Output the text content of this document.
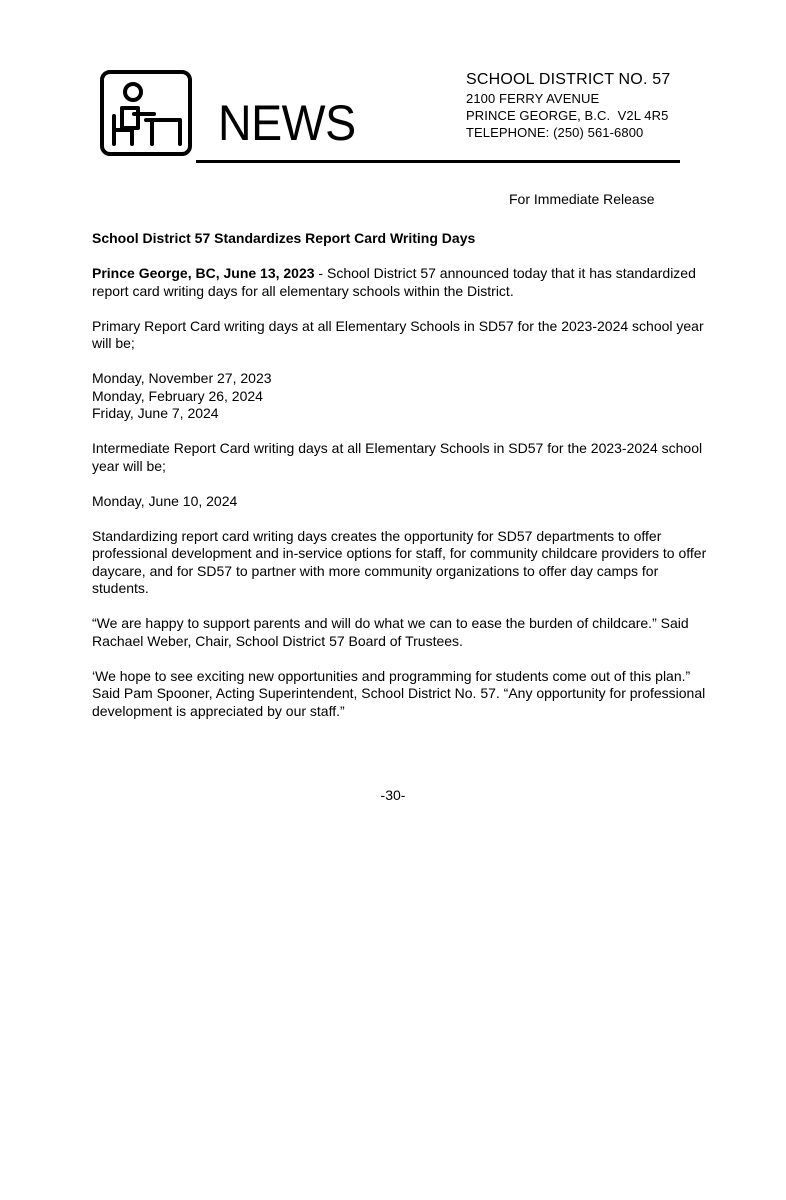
NEWS
SCHOOL DISTRICT NO. 57
2100 FERRY AVENUE
PRINCE GEORGE, B.C.  V2L 4R5
TELEPHONE: (250) 561-6800
For Immediate Release

School District 57 Standardizes Report Card Writing Days

Prince George, BC, June 13, 2023 - School District 57 announced today that it has standardized report card writing days for all elementary schools within the District.

Primary Report Card writing days at all Elementary Schools in SD57 for the 2023-2024 school year will be;

Monday, November 27, 2023

Monday, February 26, 2024

Friday, June 7, 2024

Intermediate Report Card writing days at all Elementary Schools in SD57 for the 2023-2024 school year will be;

Monday, June 10, 2024

Standardizing report card writing days creates the opportunity for SD57 departments to offer professional development and in-service options for staff, for community childcare providers to offer daycare, and for SD57 to partner with more community organizations to offer day camps for students.

“We are happy to support parents and will do what we can to ease the burden of childcare.” Said Rachael Weber, Chair, School District 57 Board of Trustees.

‘We hope to see exciting new opportunities and programming for students come out of this plan.” Said Pam Spooner, Acting Superintendent, School District No. 57. “Any opportunity for professional development is appreciated by our staff.”

-30-
